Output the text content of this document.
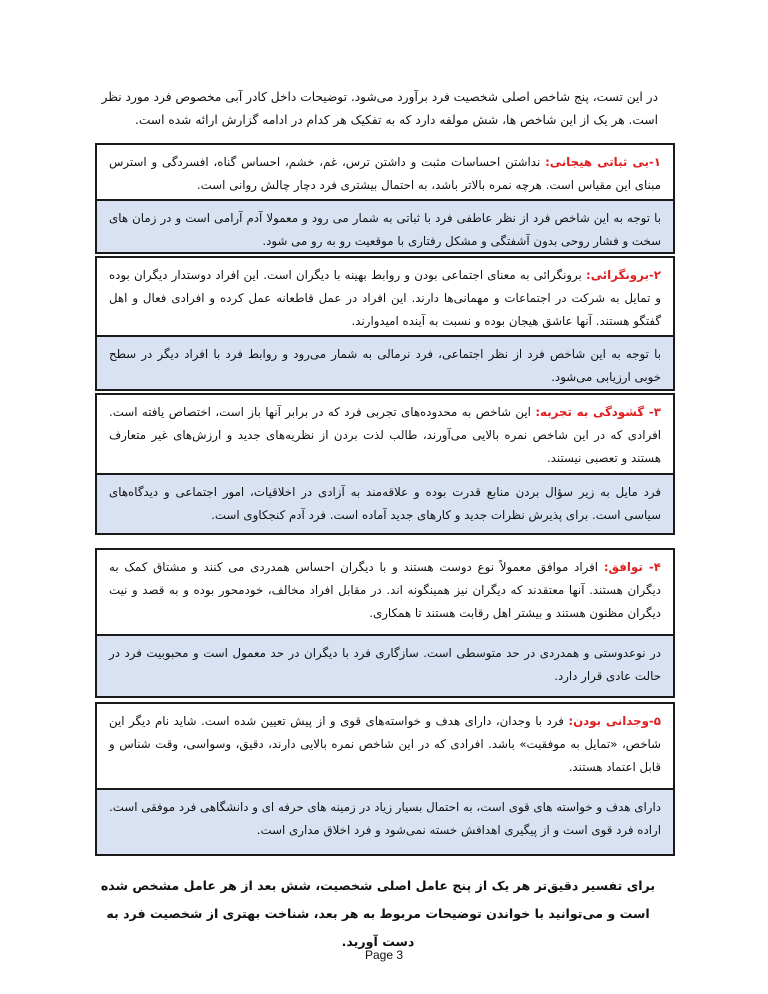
در این تست، پنج شاخص اصلی شخصیت فرد برآورد می‌شود. توضیحات داخل کادر آبی مخصوص فرد مورد نظر است. هر یک از این شاخص ها، شش مولفه دارد که به تفکیک هر کدام در ادامه گزارش ارائه شده است.

۱-بی ثباتی هیجانی: نداشتن احساسات مثبت و داشتن ترس، غم، خشم، احساس گناه، افسردگی و استرس مبنای این مقیاس است. هرچه نمره بالاتر باشد، به احتمال بیشتری فرد دچار چالش روانی است.
با توجه به این شاخص فرد از نظر عاطفی فرد با ثباتی به شمار می رود و معمولا آدم آرامی است و در زمان های سخت و فشار روحی بدون آشفتگی و مشکل رفتاری با موقعیت رو به رو می شود.
۲-برونگرائی: برونگرائی به معنای اجتماعی بودن و روابط بهینه با دیگران است. این افراد دوستدار دیگران بوده و تمایل به شرکت در اجتماعات و مهمانی‌ها دارند. این افراد در عمل قاطعانه عمل کرده و افرادی فعال و اهل گفتگو هستند. آنها عاشق هیجان بوده و نسبت به آینده امیدوارند.
با توجه به این شاخص فرد از نظر اجتماعی، فرد نرمالی به شمار می‌رود و روابط فرد با افراد دیگر در سطح خوبی ارزیابی می‌شود.
۳- گشودگی به تجربه: این شاخص به محدوده‌های تجربی فرد که در برابر آنها باز است، اختصاص یافته است. افرادی که در این شاخص نمره بالایی می‌آورند، طالب لذت بردن از نظریه‌های جدید و ارزش‌های غیر متعارف هستند و تعصبی نیستند.
فرد مایل به زیر سؤال بردن منابع قدرت بوده و علاقه‌مند به آزادی در اخلاقیات، امور اجتماعی و دیدگاه‌های سیاسی است. برای پذیرش نظرات جدید و کارهای جدید آماده است. فرد آدم کنجکاوی است.
۴- توافق: افراد موافق معمولاً نوع دوست هستند و با دیگران احساس همدردی می کنند و مشتاق کمک به دیگران هستند. آنها معتقدند که دیگران نیز همینگونه اند. در مقابل افراد مخالف، خودمحور بوده و به قصد و نیت دیگران مظنون هستند و بیشتر اهل رقابت هستند تا همکاری.
در نوعدوستی و همدردی در حد متوسطی است. سازگاری فرد با دیگران در حد معمول است و محبوبیت فرد در حالت عادی قرار دارد.
۵-وجدانی بودن: فرد با وجدان، دارای هدف و خواسته‌های قوی و از پیش تعیین شده است. شاید نام دیگر این شاخص، «تمایل به موفقیت» باشد. افرادی که در این شاخص نمره بالایی دارند، دقیق، وسواسی، وقت شناس و قابل اعتماد هستند.
دارای هدف و خواسته های قوی است، به احتمال بسیار زیاد در زمینه های حرفه ای و دانشگاهی فرد موفقی است. اراده فرد قوی است و از پیگیری اهدافش خسته نمی‌شود و فرد اخلاق مداری است.

برای تفسیر دقیق‌تر هر یک از پنج عامل اصلی شخصیت، شش بعد از هر عامل مشخص شده است و می‌توانید با خواندن توضیحات مربوط به هر بعد، شناخت بهتری از شخصیت فرد به دست آورید.

Page 3
